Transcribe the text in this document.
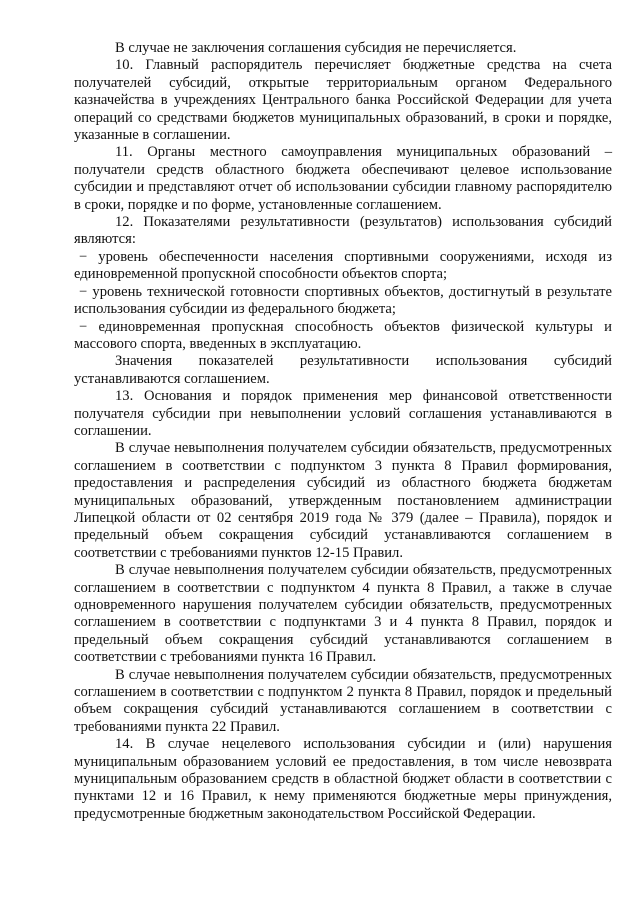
В случае не заключения соглашения субсидия не перечисляется.

10. Главный распорядитель перечисляет бюджетные средства на счета получателей субсидий, открытые территориальным органом Федерального казначейства в учреждениях Центрального банка Российской Федерации для учета операций со средствами бюджетов муниципальных образований, в сроки и порядке, указанные в соглашении.

11. Органы местного самоуправления муниципальных образований – получатели средств областного бюджета обеспечивают целевое использование субсидии и представляют отчет об использовании субсидии главному распорядителю в сроки, порядке и по форме, установленные соглашением.

12. Показателями результативности (результатов) использования субсидий являются:

− уровень обеспеченности населения спортивными сооружениями, исходя из единовременной пропускной способности объектов спорта;

− уровень технической готовности спортивных объектов, достигнутый в результате использования субсидии из федерального бюджета;

− единовременная пропускная способность объектов физической культуры и массового спорта, введенных в эксплуатацию.

Значения показателей результативности использования субсидий устанавливаются соглашением.

13. Основания и порядок применения мер финансовой ответственности получателя субсидии при невыполнении условий соглашения устанавливаются в соглашении.

В случае невыполнения получателем субсидии обязательств, предусмотренных соглашением в соответствии с подпунктом 3 пункта 8 Правил формирования, предоставления и распределения субсидий из областного бюджета бюджетам муниципальных образований, утвержденным постановлением администрации Липецкой области от 02 сентября 2019 года № 379 (далее – Правила), порядок и предельный объем сокращения субсидий устанавливаются соглашением в соответствии с требованиями пунктов 12-15 Правил.

В случае невыполнения получателем субсидии обязательств, предусмотренных соглашением в соответствии с подпунктом 4 пункта 8 Правил, а также в случае одновременного нарушения получателем субсидии обязательств, предусмотренных соглашением в соответствии с подпунктами 3 и 4 пункта 8 Правил, порядок и предельный объем сокращения субсидий устанавливаются соглашением в соответствии с требованиями пункта 16 Правил.

В случае невыполнения получателем субсидии обязательств, предусмотренных соглашением в соответствии с подпунктом 2 пункта 8 Правил, порядок и предельный объем сокращения субсидий устанавливаются соглашением в соответствии с требованиями пункта 22 Правил.

14. В случае нецелевого использования субсидии и (или) нарушения муниципальным образованием условий ее предоставления, в том числе невозврата муниципальным образованием средств в областной бюджет области в соответствии с пунктами 12 и 16 Правил, к нему применяются бюджетные меры принуждения, предусмотренные бюджетным законодательством Российской Федерации.
